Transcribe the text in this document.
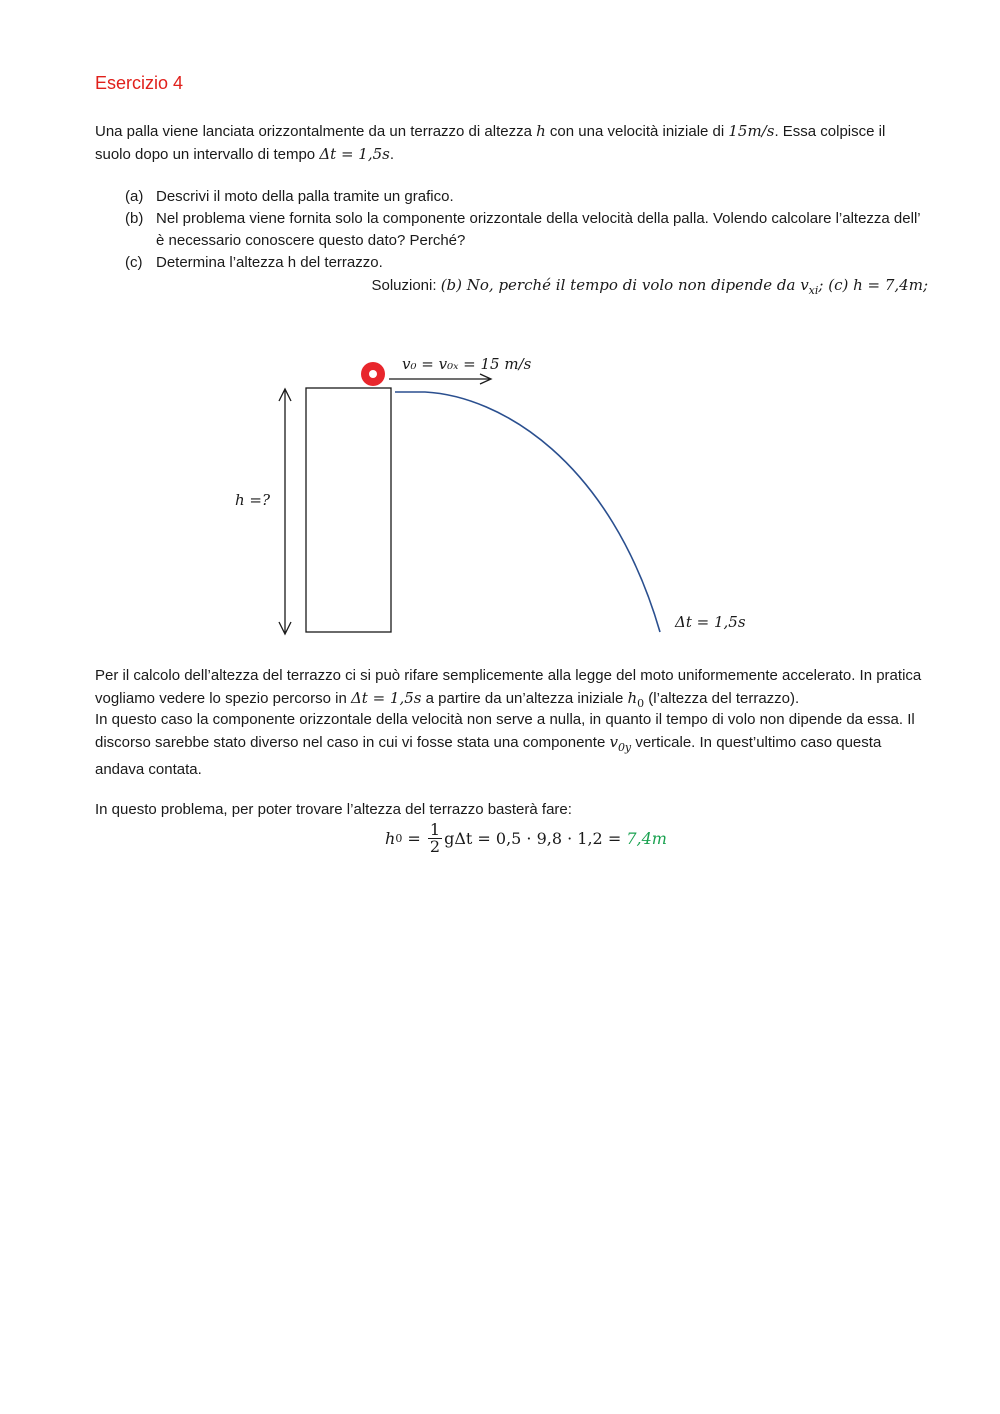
Esercizio 4
Una palla viene lanciata orizzontalmente da un terrazzo di altezza h con una velocità iniziale di 15m/s. Essa colpisce il suolo dopo un intervallo di tempo Δt = 1,5s.
(a) Descrivi il moto della palla tramite un grafico.
(b) Nel problema viene fornita solo la componente orizzontale della velocità della palla. Volendo calcolare l’altezza dell’ è necessario conoscere questo dato? Perché?
(c) Determina l’altezza h del terrazzo.
Soluzioni: (b) No, perché il tempo di volo non dipende da $v_{xi}$; (c) h = 7,4m;
h =?
v₀ = v₀ₓ = 15 m/s
Δt = 1,5s
Per il calcolo dell’altezza del terrazzo ci si può rifare semplicemente alla legge del moto uniformemente accelerato. In pratica vogliamo vedere lo spezio percorso in Δt = 1,5s a partire da un’altezza iniziale $h_0$ (l’altezza del terrazzo).
In questo caso la componente orizzontale della velocità non serve a nulla, in quanto il tempo di volo non dipende da essa. Il discorso sarebbe stato diverso nel caso in cui vi fosse stata una componente $v_{0y}$ verticale. In quest’ultimo caso questa andava contata.
In questo problema, per poter trovare l’altezza del terrazzo basterà fare:
h $0 = \frac{1}{2}$ gΔt = 0,5 · 9,8 · 1,2 = 7,4m
